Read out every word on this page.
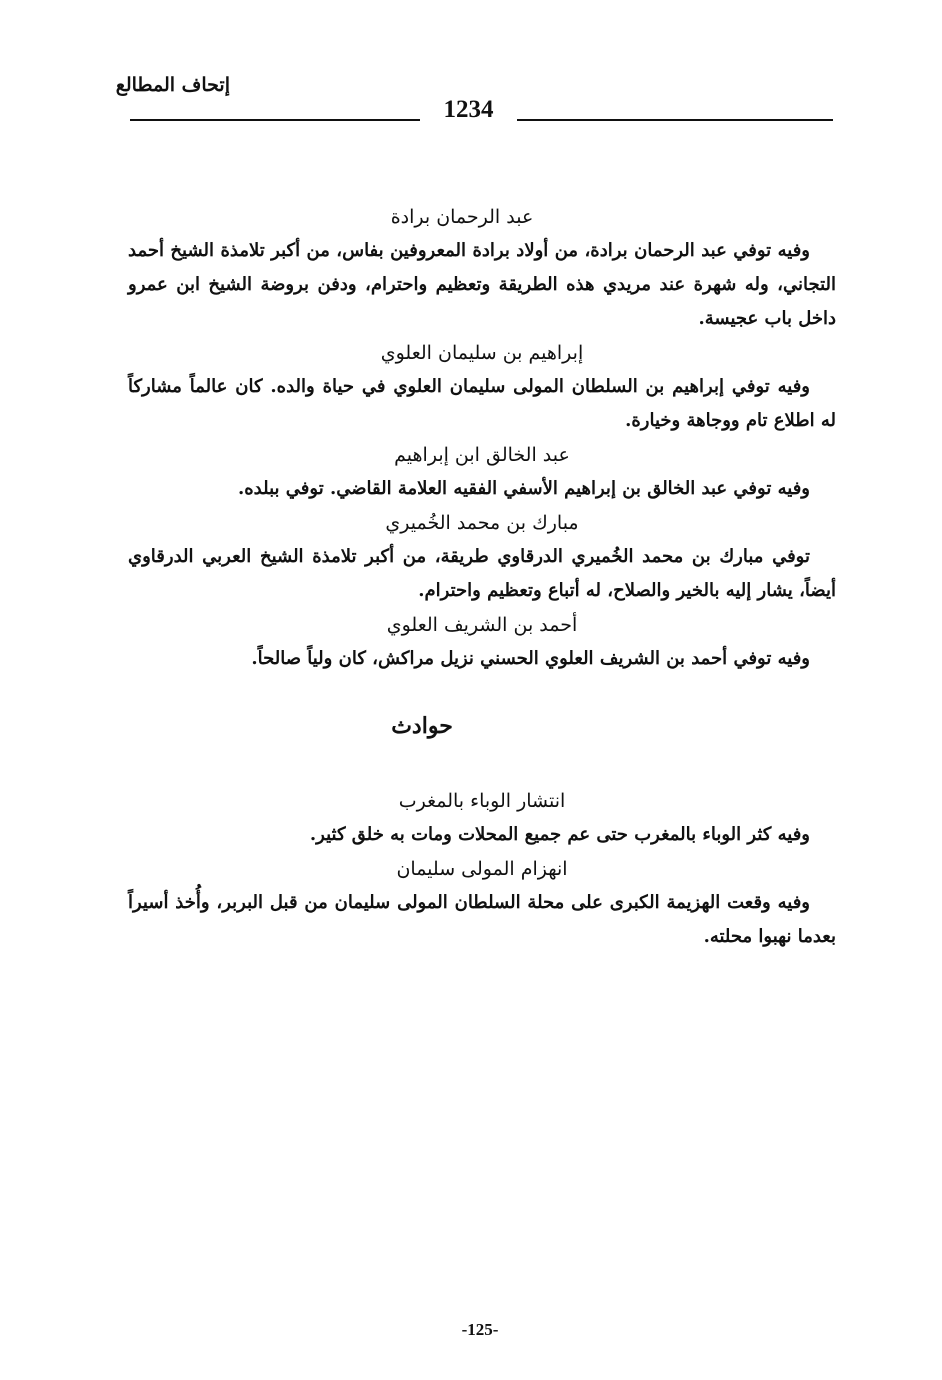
إتحاف المطالع
1234
عبد الرحمان برادة

وفيه توفي عبد الرحمان برادة، من أولاد برادة المعروفين بفاس، من أكبر تلامذة الشيخ أحمد التجاني، وله شهرة عند مريدي هذه الطريقة وتعظيم واحترام، ودفن بروضة الشيخ ابن عمرو داخل باب عجيسة.

إبراهيم بن سليمان العلوي

وفيه توفي إبراهيم بن السلطان المولى سليمان العلوي في حياة والده. كان عالماً مشاركاً له اطلاع تام ووجاهة وخيارة.

عبد الخالق ابن إبراهيم

وفيه توفي عبد الخالق بن إبراهيم الأسفي الفقيه العلامة القاضي. توفي ببلده.

مبارك بن محمد الخُميري

توفي مبارك بن محمد الخُميري الدرقاوي طريقة، من أكبر تلامذة الشيخ العربي الدرقاوي أيضاً، يشار إليه بالخير والصلاح، له أتباع وتعظيم واحترام.

أحمد بن الشريف العلوي

وفيه توفي أحمد بن الشريف العلوي الحسني نزيل مراكش، كان ولياً صالحاً.

حوادث
انتشار الوباء بالمغرب

وفيه كثر الوباء بالمغرب حتى عم جميع المحلات ومات به خلق كثير.

انهزام المولى سليمان

وفيه وقعت الهزيمة الكبرى على محلة السلطان المولى سليمان من قبل البربر، وأُخذ أسيراً بعدما نهبوا محلته.

-125-
